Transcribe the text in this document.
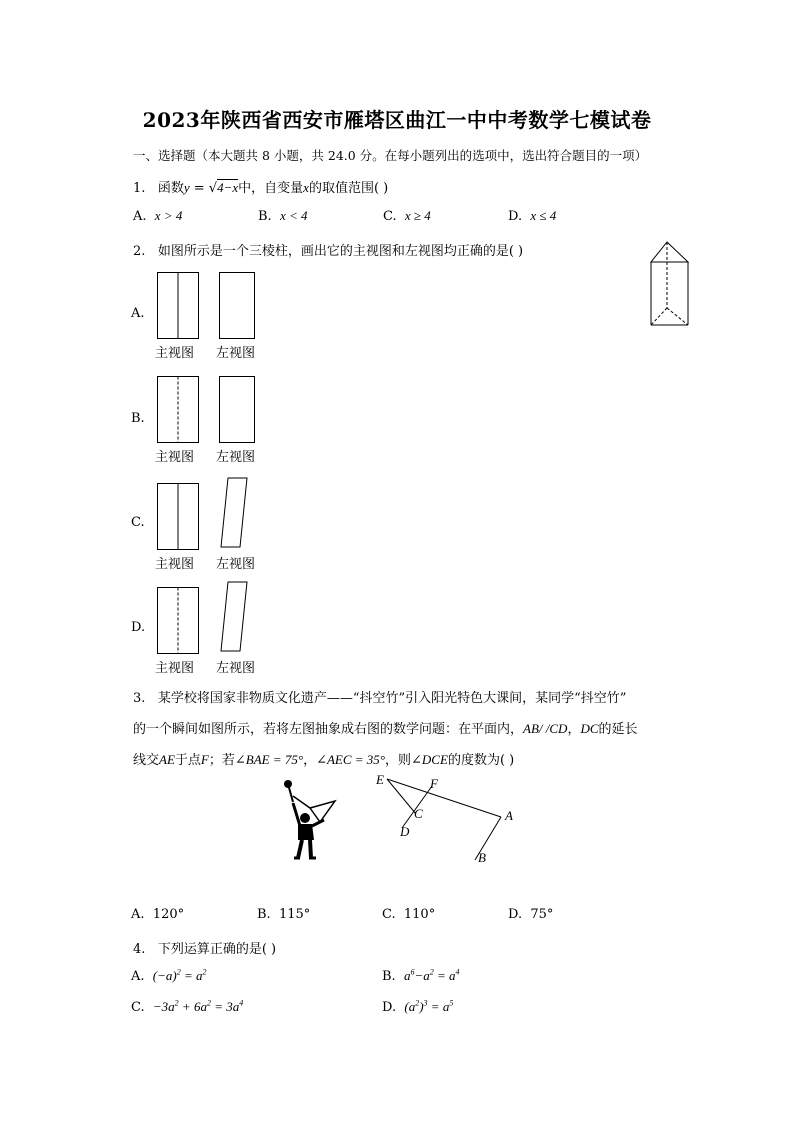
2023年陕西省西安市雁塔区曲江一中中考数学七模试卷
一、选择题（本大题共 8 小题，共 24.0 分。在每小题列出的选项中，选出符合题目的一项）
1. 函数y = √4−x中，自变量x的取值范围( )
A. x > 4	B. x < 4	C. x ≥ 4	D. x ≤ 4
2. 如图所示是一个三棱柱，画出它的主视图和左视图均正确的是( )
A.
主视图 左视图
B.
主视图 左视图
C.
主视图 左视图
D.
主视图 左视图
3. 某学校将国家非物质文化遗产——“抖空竹”引入阳光特色大课间，某同学“抖空竹”
的一个瞬间如图所示，若将左图抽象成右图的数学问题：在平面内，AB/ /CD，DC的延长
线交AE于点F；若∠BAE = 75°，∠AEC = 35°，则∠DCE的度数为( )
E	F
C
D
A
B
A. 120°	B. 115°	C. 110°	D. 75°
4. 下列运算正确的是( )
A. $(-a)^2 = a^2$	B. $a^6-a^2 = a^4$
C. $-3a^2 + 6a^2 = 3a^4$	D. $(a^2)^3 = a^5$
